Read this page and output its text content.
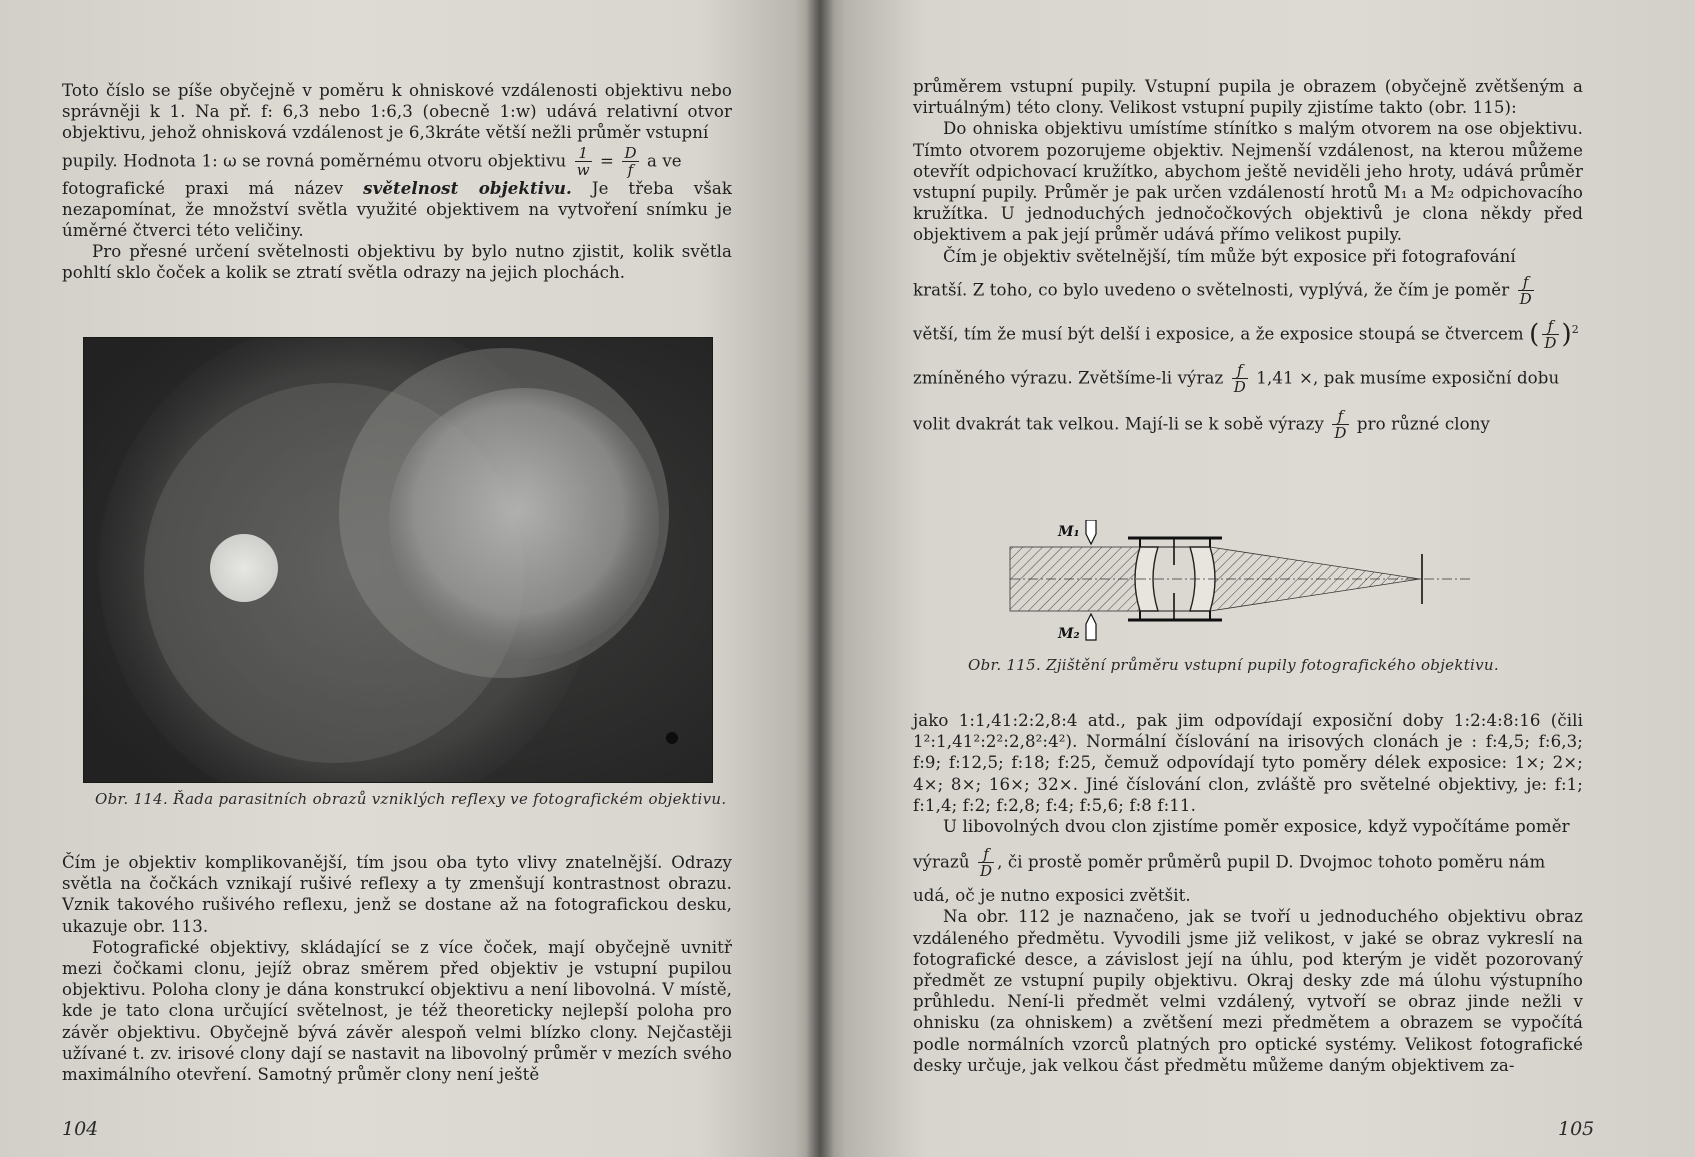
Toto číslo se píše obyčejně v poměru k ohniskové vzdálenosti objektivu nebo správněji k 1. Na př. f: 6,3 nebo 1:6,3 (obecně 1:w) udává relativní otvor objektivu, jehož ohnisková vzdálenost je 6,3kráte větší nežli průměr vstupní

pupily. Hodnota 1: ω se rovná poměrnému otvoru objektivu $\frac{1}{w} = \frac{D}{f}$ a ve

fotografické praxi má název světelnost objektivu. Je třeba však nezapomínat, že množství světla využité objektivem na vytvoření snímku je úměrné čtverci této veličiny.

Pro přesné určení světelnosti objektivu by bylo nutno zjistit, kolik světla pohltí sklo čoček a kolik se ztratí světla odrazy na jejich plochách.

Obr. 114. Řada parasitních obrazů vzniklých reflexy ve fotografickém objektivu.

Čím je objektiv komplikovanější, tím jsou oba tyto vlivy znatelnější. Odrazy světla na čočkách vznikají rušivé reflexy a ty zmenšují kontrastnost obrazu. Vznik takového rušivého reflexu, jenž se dostane až na fotografickou desku, ukazuje obr. 113.

Fotografické objektivy, skládající se z více čoček, mají obyčejně uvnitř mezi čočkami clonu, jejíž obraz směrem před objektiv je vstupní pupilou objektivu. Poloha clony je dána konstrukcí objektivu a není libovolná. V místě, kde je tato clona určující světelnost, je též theoreticky nejlepší poloha pro závěr objektivu. Obyčejně bývá závěr alespoň velmi blízko clony. Nejčastěji užívané t. zv. irisové clony dají se nastavit na libovolný průměr v mezích svého maximálního otevření. Samotný průměr clony není ještě

104

průměrem vstupní pupily. Vstupní pupila je obrazem (obyčejně zvětšeným a virtuálným) této clony. Velikost vstupní pupily zjistíme takto (obr. 115):

Do ohniska objektivu umístíme stínítko s malým otvorem na ose objektivu. Tímto otvorem pozorujeme objektiv. Nejmenší vzdálenost, na kterou můžeme otevřít odpichovací kružítko, abychom ještě neviděli jeho hroty, udává průměr vstupní pupily. Průměr je pak určen vzdáleností hrotů M₁ a M₂ odpichovacího kružítka. U jednoduchých jednočočkových objektivů je clona někdy před objektivem a pak její průměr udává přímo velikost pupily.

Čím je objektiv světelnější, tím může být exposice při fotografování

kratší. Z toho, co bylo uvedeno o světelnosti, vyplývá, že čím je poměr $\frac{f}{D}$

větší, tím že musí být delší i exposice, a že exposice stoupá se čtvercem ( $\frac{f}{D} )^2$

zmíněného výrazu. Zvětšíme-li výraz $\frac{f}{D} 1,41$ ×, pak musíme exposiční dobu

volit dvakrát tak velkou. Mají-li se k sobě výrazy $\frac{f}{D}$ pro různé clony

M₁
M₂
Obr. 115. Zjištění průměru vstupní pupily fotografického objektivu.

jako 1:1,41:2:2,8:4 atd., pak jim odpovídají exposiční doby 1:2:4:8:16 (čili 1²:1,41²:2²:2,8²:4²). Normální číslování na irisových clonách je : f:4,5; f:6,3; f:9; f:12,5; f:18; f:25, čemuž odpovídají tyto poměry délek exposice: 1×; 2×; 4×; 8×; 16×; 32×. Jiné číslování clon, zvláště pro světelné objektivy, je: f:1; f:1,4; f:2; f:2,8; f:4; f:5,6; f:8 f:11.

U libovolných dvou clon zjistíme poměr exposice, když vypočítáme poměr

výrazů $\frac{f}{D}$ , či prostě poměr průměrů pupil D. Dvojmoc tohoto poměru nám

udá, oč je nutno exposici zvětšit.

Na obr. 112 je naznačeno, jak se tvoří u jednoduchého objektivu obraz vzdáleného předmětu. Vyvodili jsme již velikost, v jaké se obraz vykreslí na fotografické desce, a závislost její na úhlu, pod kterým je vidět pozorovaný předmět ze vstupní pupily objektivu. Okraj desky zde má úlohu výstupního průhledu. Není-li předmět velmi vzdálený, vytvoří se obraz jinde nežli v ohnisku (za ohniskem) a zvětšení mezi předmětem a obrazem se vypočítá podle normálních vzorců platných pro optické systémy. Velikost fotografické desky určuje, jak velkou část předmětu můžeme daným objektivem za-

105
